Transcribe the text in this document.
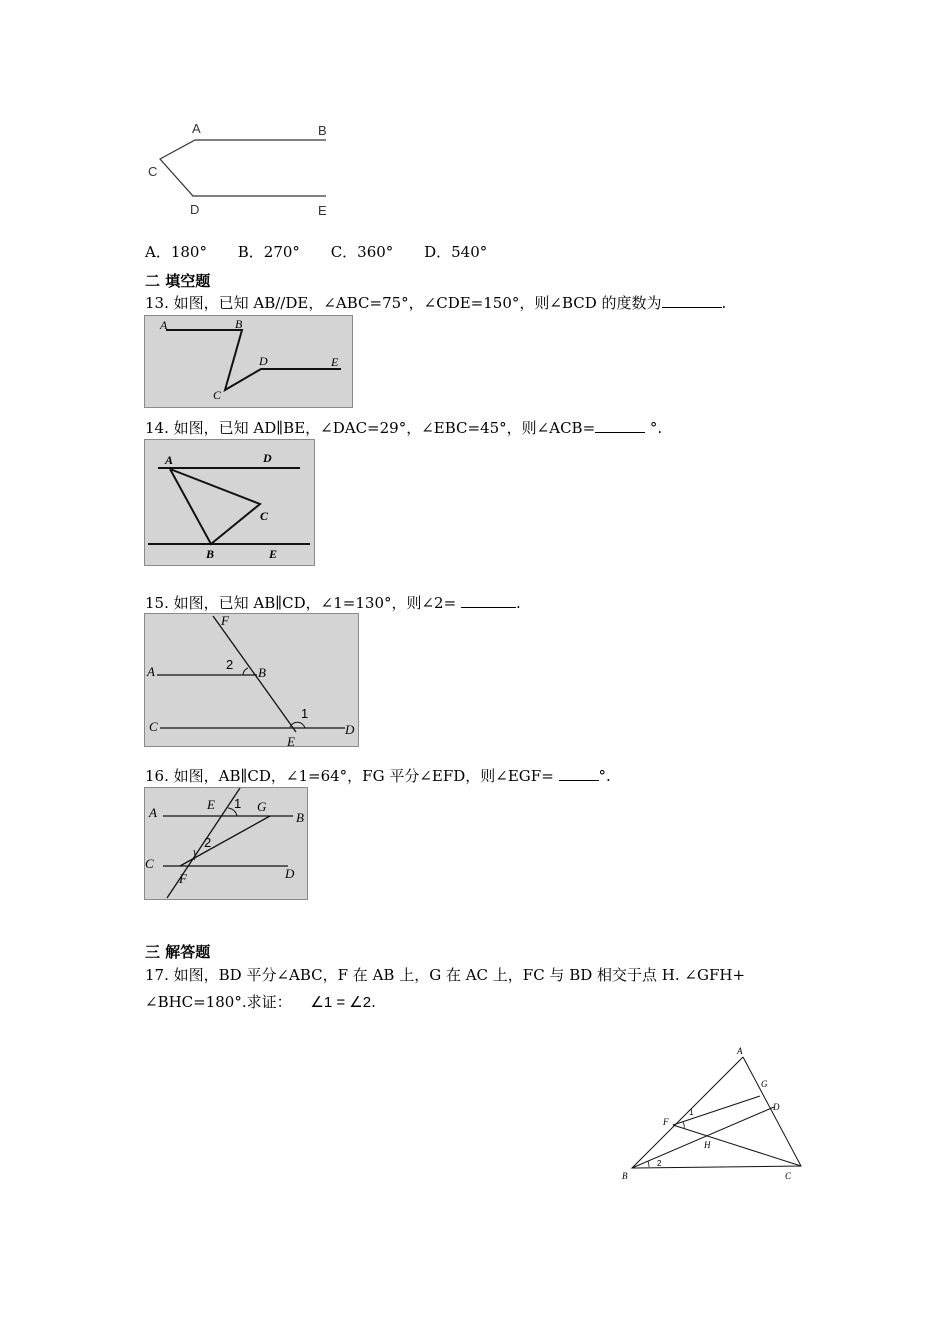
A	B
C
D	E
A．180° B．270° C．360° D．540°
二 填空题
13. 如图，已知 AB//DE，∠ABC=75°，∠CDE=150°，则∠BCD 的度数为	.
A	B
C
D	E
14. 如图，已知 AD∥BE，∠DAC=29°，∠EBC=45°，则∠ACB=	°.
A	D
C
B	E
15. 如图，已知 AB∥CD，∠1=130°，则∠2=	.
F
A	2
B
C
1
E
D
16. 如图，AB∥CD，∠1=64°，FG 平分∠EFD，则∠EGF=	°.
A
E 1 G
B
2
C
F	D
三 解答题
17. 如图，BD 平分∠ABC，F 在 AB 上，G 在 AC 上，FC 与 BD 相交于点 H. ∠GFH+
∠BHC=180°.求证： ∠1 = ∠2.
A
G
D
F
1
H
2
B	C
